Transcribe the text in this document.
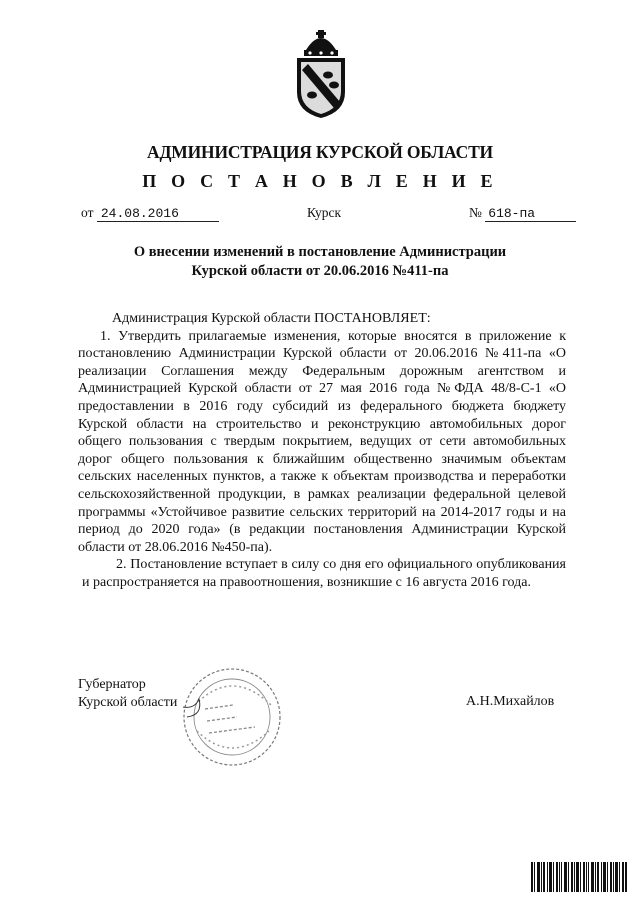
АДМИНИСТРАЦИЯ КУРСКОЙ ОБЛАСТИ
П О С Т А Н О В Л Е Н И Е
от 24.08.2016	Курск	№ 618-па
О внесении изменений в постановление Администрации
Курской области от 20.06.2016 №411-па

Администрация Курской области ПОСТАНОВЛЯЕТ:

1. Утвердить прилагаемые изменения, которые вносятся в приложение к постановлению Администрации Курской области от 20.06.2016 №411-па «О реализации Соглашения между Федеральным дорожным агентством и Администрацией Курской области от 27 мая 2016 года №ФДА 48/8-С-1 «О предоставлении в 2016 году субсидий из федерального бюджета бюджету Курской области на строительство и реконструкцию автомобильных дорог общего пользования с твердым покрытием, ведущих от сети автомобильных дорог общего пользования к ближайшим общественно значимым объектам сельских населенных пунктов, а также к объектам производства и переработки сельскохозяйственной продукции, в рамках реализации федеральной целевой программы «Устойчивое развитие сельских территорий на 2014-2017 годы и на период до 2020 года» (в редакции постановления Администрации Курской области от 28.06.2016 №450-па).

2. Постановление вступает в силу со дня его официального опубликования и распространяется на правоотношения, возникшие с 16 августа 2016 года.

Губернатор
Курской области	А.Н.Михайлов
